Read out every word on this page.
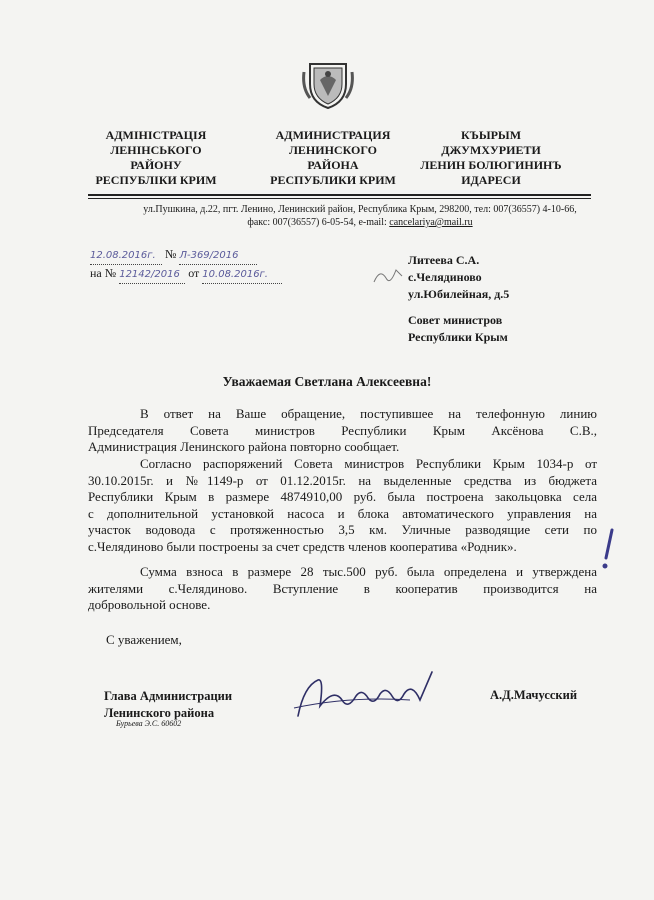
АДМІНІСТРАЦІЯ
ЛЕНІНСЬКОГО
РАЙОНУ
РЕСПУБЛІКИ КРИМ
АДМИНИСТРАЦИЯ
ЛЕНИНСКОГО
РАЙОНА
РЕСПУБЛИКИ КРИМ
КЪЫРЫМ
ДЖУМХУРИЕТИ
ЛЕНИН БОЛЮГИНИНЪ
ИДАРЕСИ
ул.Пушкина, д.22, пгт. Ленино, Ленинский район, Республика Крым, 298200, тел: 007(36557) 4-10-66,
факс: 007(36557) 6-05-54, e-mail: cancelariya@mail.ru
12.08.2016г. № Л-369/2016
на № 12142/2016 от 10.08.2016г.
Литеева С.А.
с.Челядиново
ул.Юбилейная, д.5
Совет министров
Республики Крым
Уважаемая Светлана Алексеевна!
В ответ на Ваше обращение, поступившее на телефонную линию
Председателя Совета министров Республики Крым Аксёнова С.В.,
Администрация Ленинского района повторно сообщает.
Согласно распоряжений Совета министров Республики Крым 1034-р от
30.10.2015г. и №1149-р от 01.12.2015г. на выделенные средства из бюджета
Республики Крым в размере 4874910,00 руб. была построена закольцовка села
с дополнительной установкой насоса и блока автоматического управления на
участок водовода с протяженностью 3,5 км. Уличные разводящие сети по
с.Челядиново были построены за счет средств членов кооператива «Родник».
Сумма взноса в размере 28 тыс.500 руб. была определена и утверждена
жителями с.Челядиново. Вступление в кооператив производится на
добровольной основе.
С уважением,
Глава Администрации
Ленинского района
Бурьева Э.С. 60602
А.Д.Мачусский
